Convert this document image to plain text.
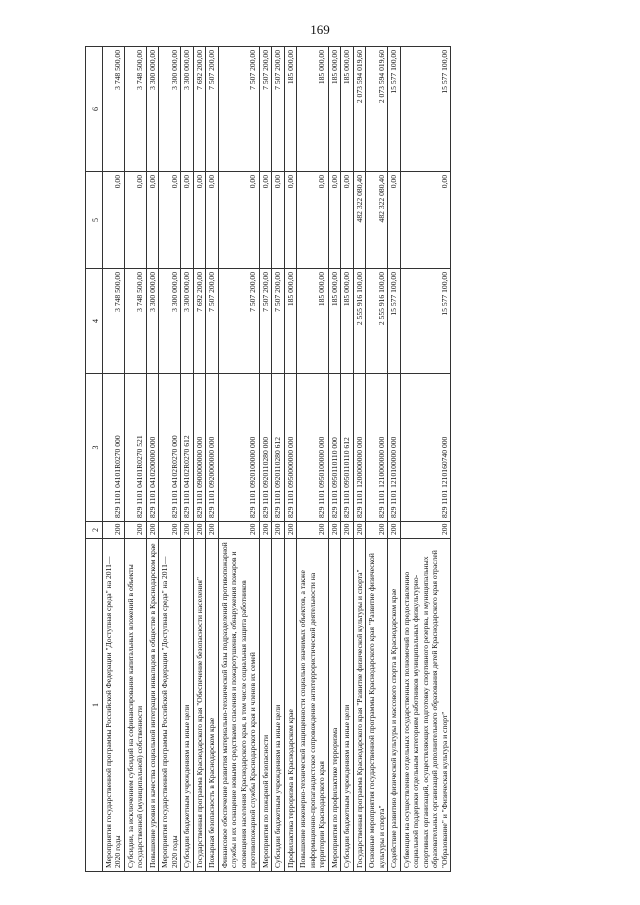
169
1	2	3	4	5	6
Мероприятия государственной программы Российской Федерации "Доступная среда" на 2011—2020 годы	200	829 1101 04101R0270 000	3 748 500,00	0,00	3 748 500,00
Субсидии, за исключением субсидий на софинансирование капитальных вложений в объекты государственной (муниципальной) собственности	200	829 1101 04101R0270 521	3 748 500,00	0,00	3 748 500,00
Повышение уровня и качества социальной интеграции инвалидов в обществе в Краснодарском крае	200	829 1101 0410200000 000	3 300 000,00	0,00	3 300 000,00
Мероприятия государственной программы Российской Федерации "Доступная среда" на 2011—2020 годы	200	829 1101 04102R0270 000	3 300 000,00	0,00	3 300 000,00
Субсидии бюджетным учреждениям на иные цели	200	829 1101 04102R0270 612	3 300 000,00	0,00	3 300 000,00
Государственная программа Краснодарского края "Обеспечение безопасности населения"	200	829 1101 0900000000 000	7 692 200,00	0,00	7 692 200,00
Пожарная безопасность в Краснодарском крае	200	829 1101 0920000000 000	7 507 200,00	0,00	7 507 200,00
Финансовое обеспечение развития материально-технической базы подразделений противопожарной службы и их оснащение новыми средствами спасения и пожаротушения, обнаружения пожаров и оповещения населения Краснодарского края, в том числе социальная защита работников противопожарной службы Краснодарского края и членов их семей	200	829 1101 0920100000 000	7 507 200,00	0,00	7 507 200,00
Мероприятия по пожарной безопасности	200	829 1101 0920110280 000	7 507 200,00	0,00	7 507 200,00
Субсидии бюджетным учреждениям на иные цели	200	829 1101 0920110280 612	7 507 200,00	0,00	7 507 200,00
Профилактика терроризма в Краснодарском крае	200	829 1101 0950000000 000	185 000,00	0,00	185 000,00
Повышение инженерно-технической защищенности социально значимых объектов, а также информационно-пропагандистское сопровождение антитеррористической деятельности на территории Краснодарского края	200	829 1101 0950100000 000	185 000,00	0,00	185 000,00
Мероприятия по профилактике терроризма	200	829 1101 0950110110 000	185 000,00	0,00	185 000,00
Субсидии бюджетным учреждениям на иные цели	200	829 1101 0950110110 612	185 000,00	0,00	185 000,00
Государственная программа Краснодарского края "Развитие физической культуры и спорта"	200	829 1101 1200000000 000	2 555 916 100,00	482 322 080,40	2 073 594 019,60
Основные мероприятия государственной программы Краснодарского края "Развитие физической культуры и спорта"	200	829 1101 1210000000 000	2 555 916 100,00	482 322 080,40	2 073 594 019,60
Содействие развитию физической культуры и массового спорта в Краснодарском крае	200	829 1101 1210100000 000	15 577 100,00	0,00	15 577 100,00
Субвенции на осуществление отдельных государственных полномочий по предоставлению социальной поддержки отдельным категориям работников муниципальных физкультурно-спортивных организаций, осуществляющих подготовку спортивного резерва, и муниципальных образовательных организаций дополнительного образования детей Краснодарского края отраслей "Образование" и "Физическая культура и спорт"	200	829 1101 1210160740 000	15 577 100,00	0,00	15 577 100,00
